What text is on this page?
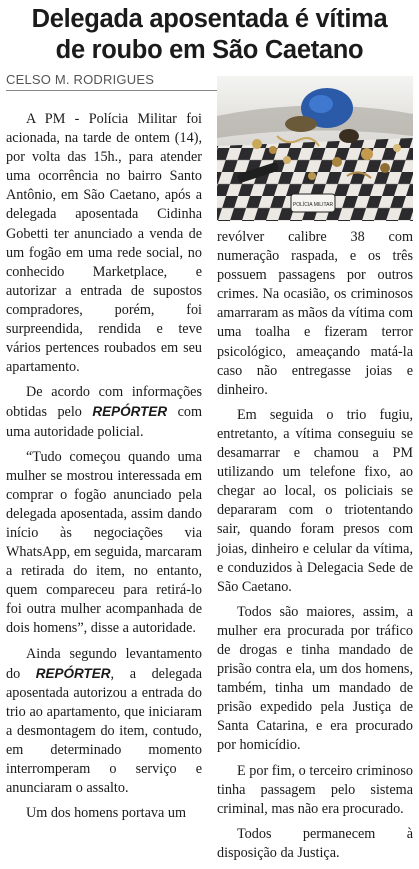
Delegada aposentada é vítima
de roubo em São Caetano
CELSO M. RODRIGUES
POLÍCIA MILITAR

A PM - Polícia Militar foi acionada, na tarde de ontem (14), por volta das 15h., para atender uma ocorrência no bairro Santo Antônio, em São Caetano, após a delegada aposentada Cidinha Gobetti ter anunciado a venda de um fogão em uma rede social, no conhecido Marketplace, e autorizar a entrada de supostos compradores, porém, foi surpreendida, rendida e teve vários pertences roubados em seu apartamento.

De acordo com informações obtidas pelo REPÓRTER com uma autoridade policial.

“Tudo começou quando uma mulher se mostrou interessada em comprar o fogão anunciado pela delegada aposentada, assim dando início às negociações via WhatsApp, em seguida, marcaram a retirada do item, no entanto, quem compareceu para retirá-lo foi outra mulher acompanhada de dois homens”, disse a autoridade.

Ainda segundo levantamento do REPÓRTER, a delegada aposentada autorizou a entrada do trio ao apartamento, que iniciaram a desmontagem do item, contudo, em determinado momento interromperam o serviço e anunciaram o assalto.

Um dos homens portava um

revólver calibre 38 com numeração raspada, e os três possuem passagens por outros crimes. Na ocasião, os criminosos amarraram as mãos da vítima com uma toalha e fizeram terror psicológico, ameaçando matá-la caso não entregasse joias e dinheiro.

Em seguida o trio fugiu, entretanto, a vítima conseguiu se desamarrar e chamou a PM utilizando um telefone fixo, ao chegar ao local, os policiais se depararam com o triotentando sair, quando foram presos com joias, dinheiro e celular da vítima, e conduzidos à Delegacia Sede de São Caetano.

Todos são maiores, assim, a mulher era procurada por tráfico de drogas e tinha mandado de prisão contra ela, um dos homens, também, tinha um mandado de prisão expedido pela Justiça de Santa Catarina, e era procurado por homicídio.

E por fim, o terceiro criminoso tinha passagem pelo sistema criminal, mas não era procurado.

Todos permanecem à disposição da Justiça.
